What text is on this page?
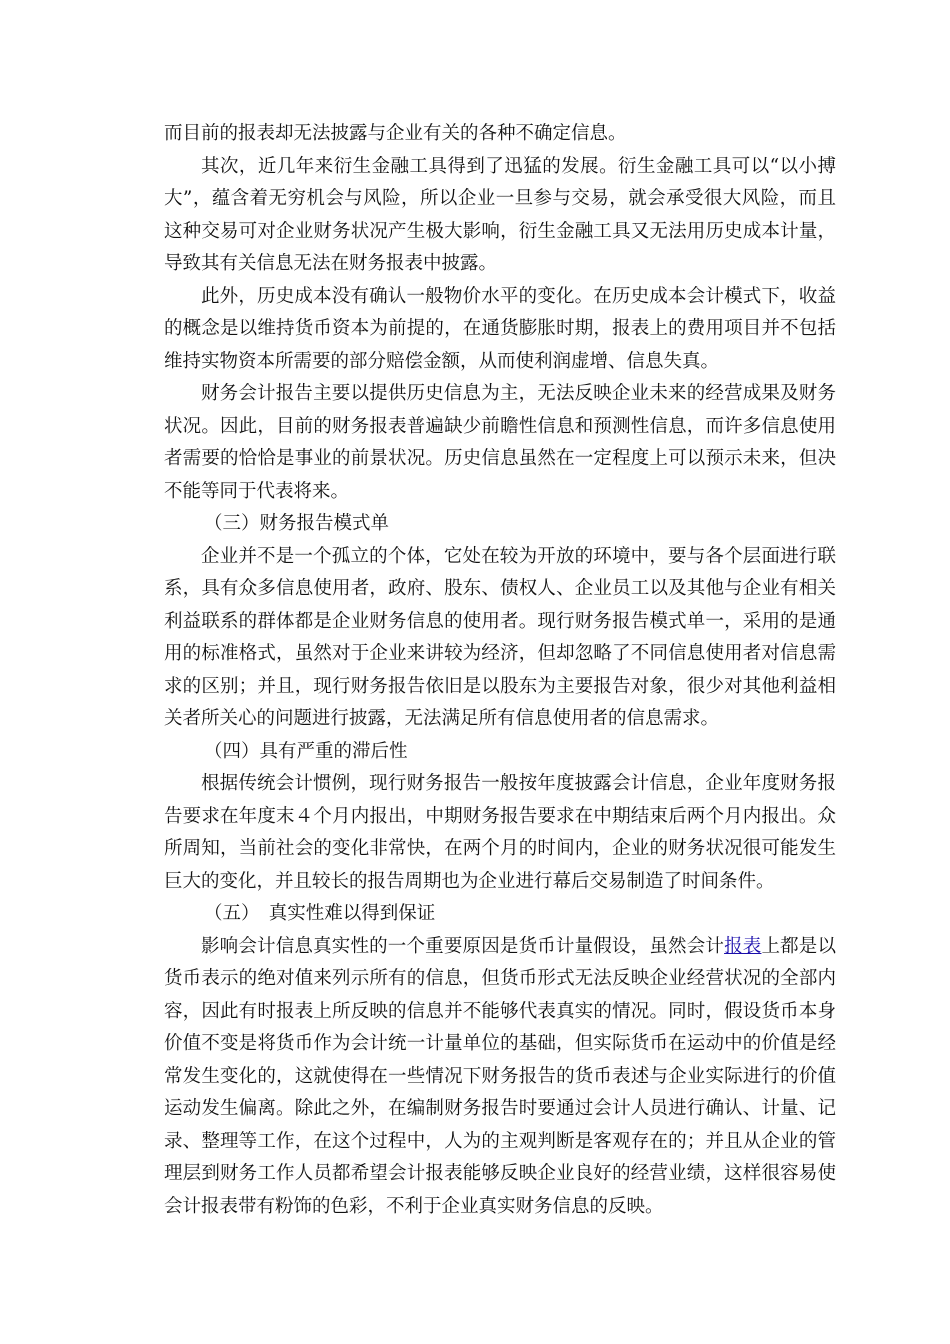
而目前的报表却无法披露与企业有关的各种不确定信息。

其次，近几年来衍生金融工具得到了迅猛的发展。衍生金融工具可以“以小搏大”，蕴含着无穷机会与风险，所以企业一旦参与交易，就会承受很大风险，而且这种交易可对企业财务状况产生极大影响，衍生金融工具又无法用历史成本计量，导致其有关信息无法在财务报表中披露。

此外，历史成本没有确认一般物价水平的变化。在历史成本会计模式下，收益的概念是以维持货币资本为前提的，在通货膨胀时期，报表上的费用项目并不包括维持实物资本所需要的部分赔偿金额，从而使利润虚增、信息失真。

财务会计报告主要以提供历史信息为主，无法反映企业未来的经营成果及财务状况。因此，目前的财务报表普遍缺少前瞻性信息和预测性信息，而许多信息使用者需要的恰恰是事业的前景状况。历史信息虽然在一定程度上可以预示未来，但决不能等同于代表将来。

（三）财务报告模式单

企业并不是一个孤立的个体，它处在较为开放的环境中，要与各个层面进行联系，具有众多信息使用者，政府、股东、债权人、企业员工以及其他与企业有相关利益联系的群体都是企业财务信息的使用者。现行财务报告模式单一，采用的是通用的标准格式，虽然对于企业来讲较为经济，但却忽略了不同信息使用者对信息需求的区别；并且，现行财务报告依旧是以股东为主要报告对象，很少对其他利益相关者所关心的问题进行披露，无法满足所有信息使用者的信息需求。

（四）具有严重的滞后性

根据传统会计惯例，现行财务报告一般按年度披露会计信息，企业年度财务报告要求在年度末４个月内报出，中期财务报告要求在中期结束后两个月内报出。众所周知，当前社会的变化非常快，在两个月的时间内，企业的财务状况很可能发生巨大的变化，并且较长的报告周期也为企业进行幕后交易制造了时间条件。

（五）　真实性难以得到保证

影响会计信息真实性的一个重要原因是货币计量假设，虽然会计报表上都是以货币表示的绝对值来列示所有的信息，但货币形式无法反映企业经营状况的全部内容，因此有时报表上所反映的信息并不能够代表真实的情况。同时，假设货币本身价值不变是将货币作为会计统一计量单位的基础，但实际货币在运动中的价值是经常发生变化的，这就使得在一些情况下财务报告的货币表述与企业实际进行的价值运动发生偏离。除此之外，在编制财务报告时要通过会计人员进行确认、计量、记录、整理等工作，在这个过程中，人为的主观判断是客观存在的；并且从企业的管理层到财务工作人员都希望会计报表能够反映企业良好的经营业绩，这样很容易使会计报表带有粉饰的色彩，不利于企业真实财务信息的反映。
